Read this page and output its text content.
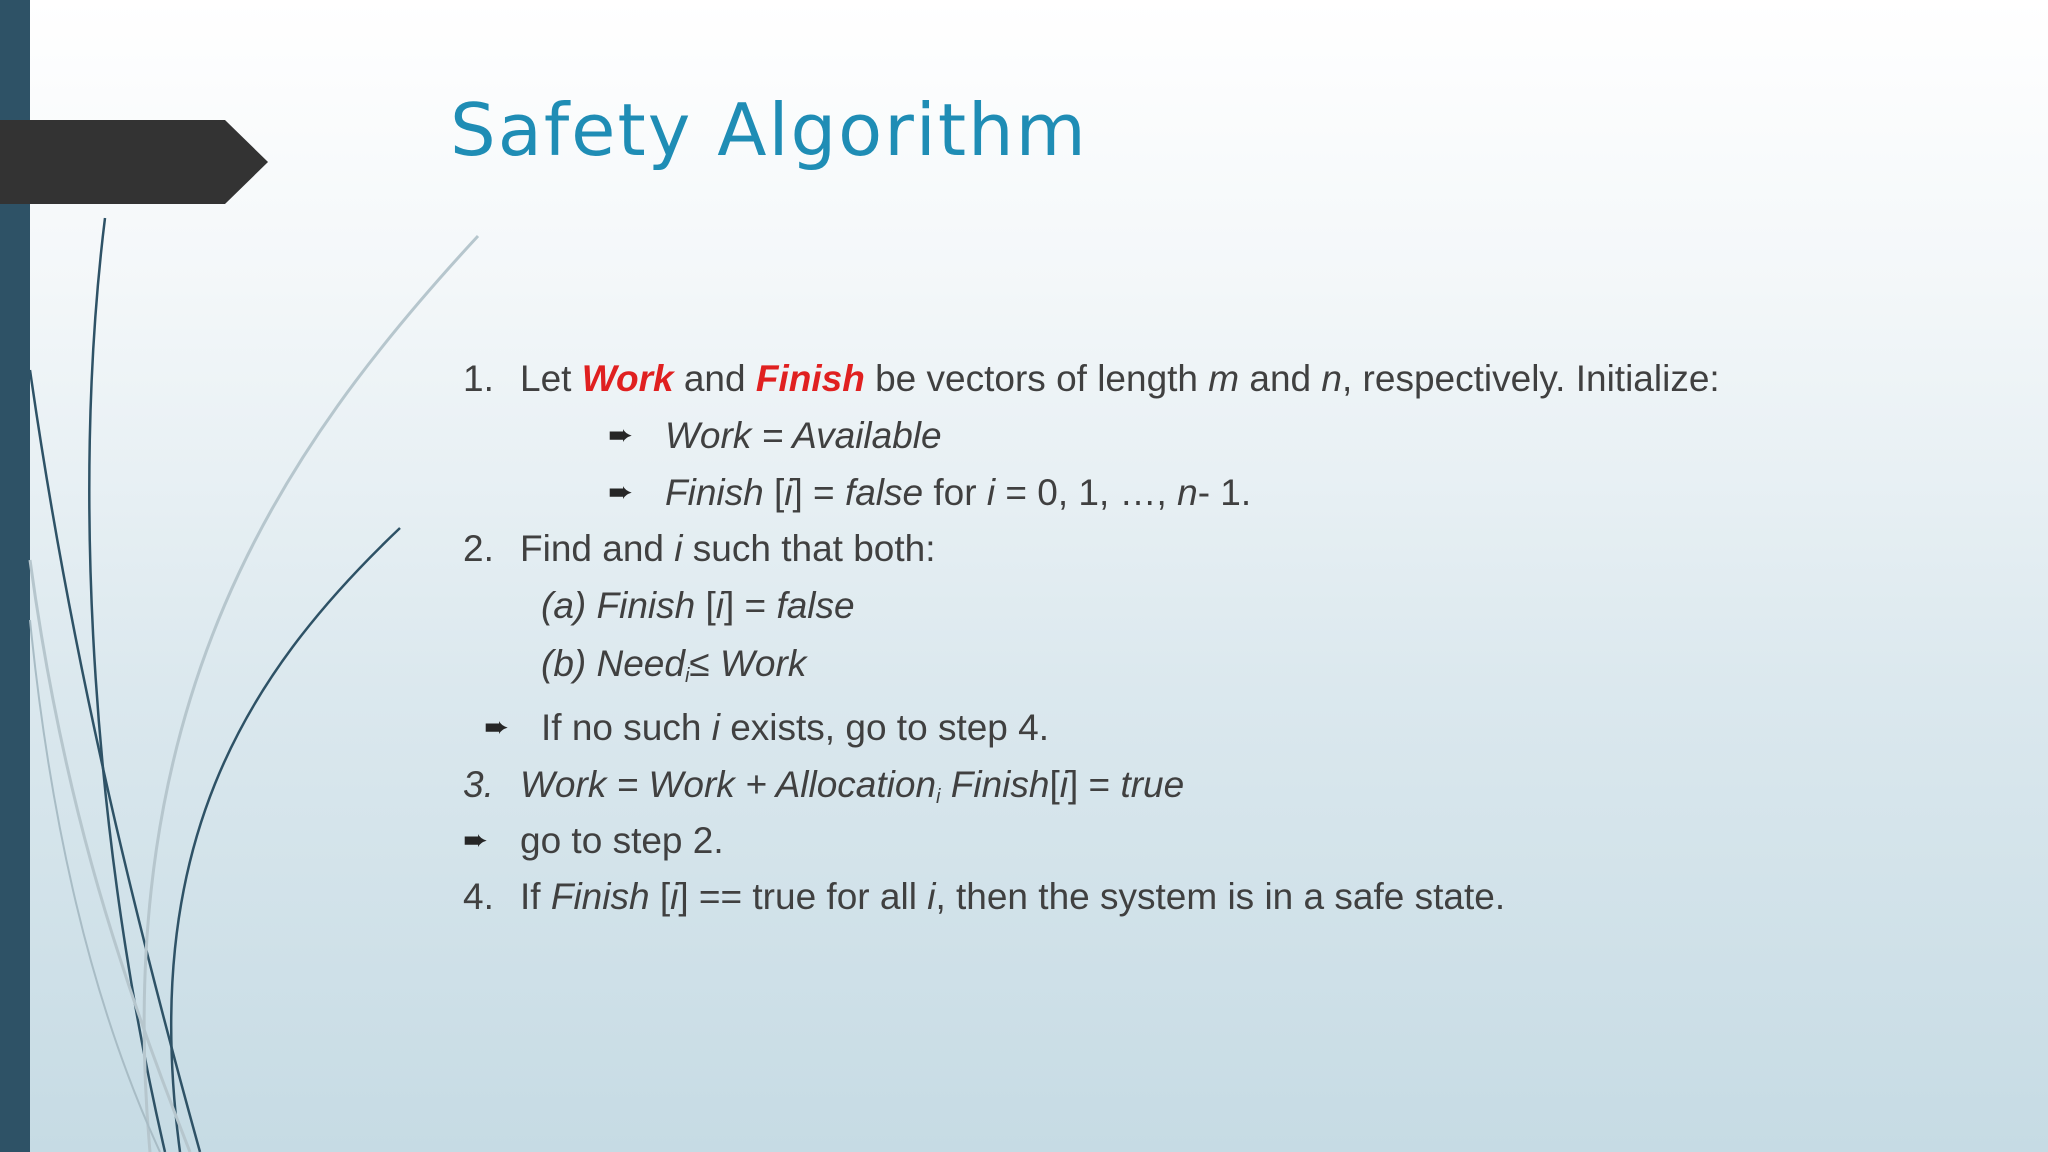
Safety Algorithm
1. Let Work and Finish be vectors of length m and n, respectively. Initialize:
➨ Work = Available
➨ Finish [i] = false for i = 0, 1, …, n- 1.
2. Find and i such that both:
(a) Finish [i] = false
(b) Need$_i$≤ Work
➨ If no such i exists, go to step 4.
3. Work = Work + Allocation$_i$ Finish[i] = true
➨ go to step 2.
4. If Finish [i] == true for all i, then the system is in a safe state.
